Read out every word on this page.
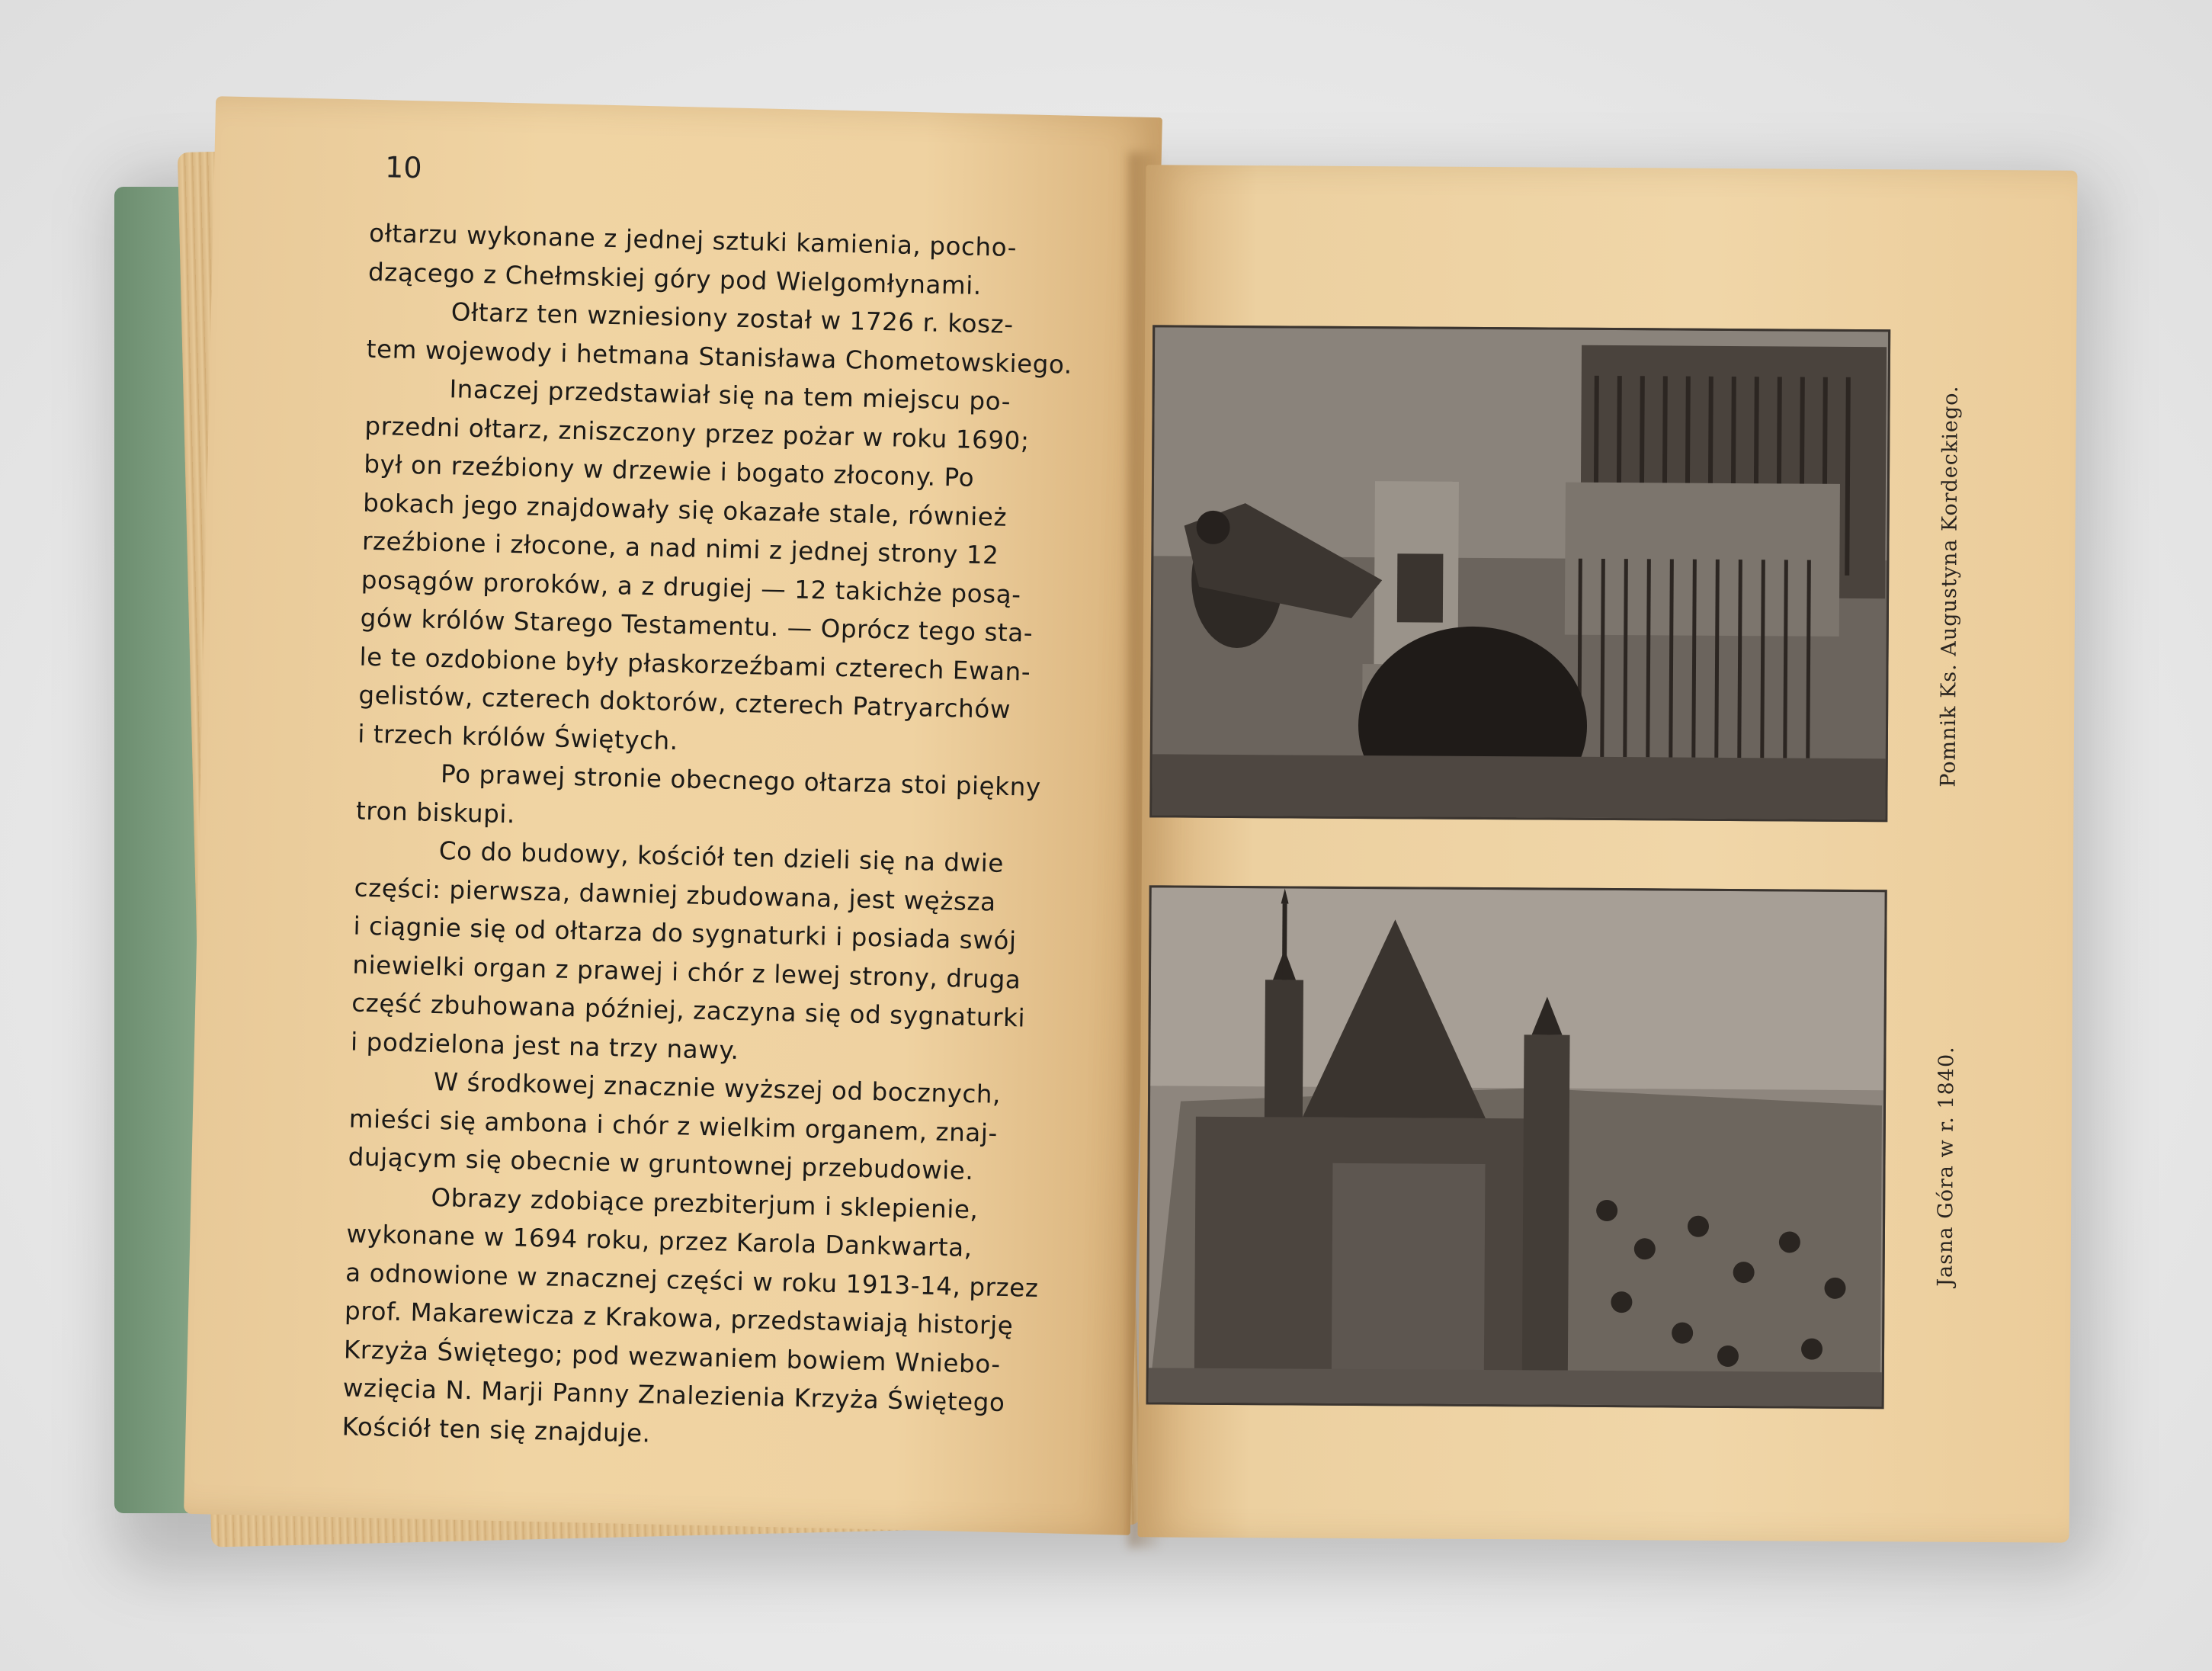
10
ołtarzu wykonane z jednej sztuki kamienia, pocho-
dzącego z Chełmskiej góry pod Wielgomłynami.
Ołtarz ten wzniesiony został w 1726 r. kosz-
tem wojewody i hetmana Stanisława Chometowskiego.
Inaczej przedstawiał się na tem miejscu po-
przedni ołtarz, zniszczony przez pożar w roku 1690;
był on rzeźbiony w drzewie i bogato złocony. Po
bokach jego znajdowały się okazałe stale, również
rzeźbione i złocone, a nad nimi z jednej strony 12
posągów proroków, a z drugiej — 12 takichże posą-
gów królów Starego Testamentu. — Oprócz tego sta-
le te ozdobione były płaskorzeźbami czterech Ewan-
gelistów, czterech doktorów, czterech Patryarchów
i trzech królów Świętych.
Po prawej stronie obecnego ołtarza stoi piękny
tron biskupi.
Co do budowy, kościół ten dzieli się na dwie
części: pierwsza, dawniej zbudowana, jest węższa
i ciągnie się od ołtarza do sygnaturki i posiada swój
niewielki organ z prawej i chór z lewej strony, druga
część zbuhowana później, zaczyna się od sygnaturki
i podzielona jest na trzy nawy.
W środkowej znacznie wyższej od bocznych,
mieści się ambona i chór z wielkim organem, znaj-
dującym się obecnie w gruntownej przebudowie.
Obrazy zdobiące prezbiterjum i sklepienie,
wykonane w 1694 roku, przez Karola Dankwarta,
a odnowione w znacznej części w roku 1913-14, przez
prof. Makarewicza z Krakowa, przedstawiają historję
Krzyża Świętego; pod wezwaniem bowiem Wniebo-
wzięcia N. Marji Panny Znalezienia Krzyża Świętego
Kościół ten się znajduje.
Pomnik Ks. Augustyna Kordeckiego.
Jasna Góra w r. 1840.
